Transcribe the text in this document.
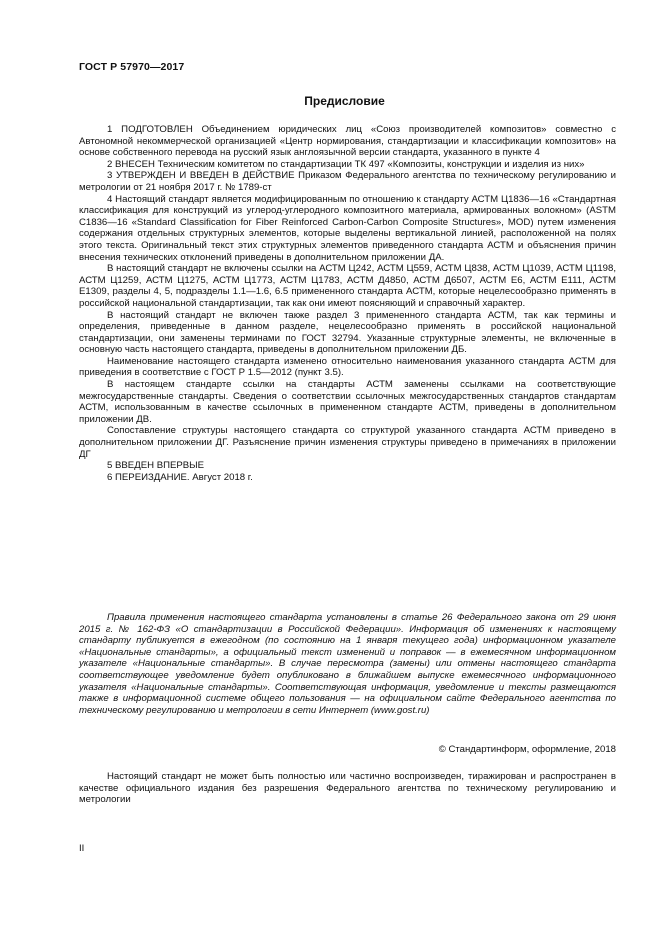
ГОСТ Р 57970—2017
Предисловие

1 ПОДГОТОВЛЕН Объединением юридических лиц «Союз производителей композитов» совместно с Автономной некоммерческой организацией «Центр нормирования, стандартизации и классификации композитов» на основе собственного перевода на русский язык англоязычной версии стандарта, указанного в пункте 4

2 ВНЕСЕН Техническим комитетом по стандартизации ТК 497 «Композиты, конструкции и изделия из них»

3 УТВЕРЖДЕН И ВВЕДЕН В ДЕЙСТВИЕ Приказом Федерального агентства по техническому регулированию и метрологии от 21 ноября 2017 г. № 1789-ст

4 Настоящий стандарт является модифицированным по отношению к стандарту АСТМ Ц1836—16 «Стандартная классификация для конструкций из углерод-углеродного композитного материала, армированных волокном» (ASTM C1836—16 «Standard Classification for Fiber Reinforced Carbon-Carbon Composite Structures», MOD) путем изменения содержания отдельных структурных элементов, которые выделены вертикальной линией, расположенной на полях этого текста. Оригинальный текст этих структурных элементов приведенного стандарта АСТМ и объяснения причин внесения технических отклонений приведены в дополнительном приложении ДА.

В настоящий стандарт не включены ссылки на АСТМ Ц242, АСТМ Ц559, АСТМ Ц838, АСТМ Ц1039, АСТМ Ц1198, АСТМ Ц1259, АСТМ Ц1275, АСТМ Ц1773, АСТМ Ц1783, АСТМ Д4850, АСТМ Д6507, АСТМ Е6, АСТМ Е111, АСТМ Е1309, разделы 4, 5, подразделы 1.1—1.6, 6.5 примененного стандарта АСТМ, которые нецелесообразно применять в российской национальной стандартизации, так как они имеют поясняющий и справочный характер.

В настоящий стандарт не включен также раздел 3 примененного стандарта АСТМ, так как термины и определения, приведенные в данном разделе, нецелесообразно применять в российской национальной стандартизации, они заменены терминами по ГОСТ 32794. Указанные структурные элементы, не включенные в основную часть настоящего стандарта, приведены в дополнительном приложении ДБ.

Наименование настоящего стандарта изменено относительно наименования указанного стандарта АСТМ для приведения в соответствие с ГОСТ Р 1.5—2012 (пункт 3.5).

В настоящем стандарте ссылки на стандарты АСТМ заменены ссылками на соответствующие межгосударственные стандарты. Сведения о соответствии ссылочных межгосударственных стандартов стандартам АСТМ, использованным в качестве ссылочных в примененном стандарте АСТМ, приведены в дополнительном приложении ДВ.

Сопоставление структуры настоящего стандарта со структурой указанного стандарта АСТМ приведено в дополнительном приложении ДГ. Разъяснение причин изменения структуры приведено в примечаниях в приложении ДГ

5 ВВЕДЕН ВПЕРВЫЕ

6 ПЕРЕИЗДАНИЕ. Август 2018 г.

Правила применения настоящего стандарта установлены в статье 26 Федерального закона от 29 июня 2015 г. № 162-ФЗ «О стандартизации в Российской Федерации». Информация об изменениях к настоящему стандарту публикуется в ежегодном (по состоянию на 1 января текущего года) информационном указателе «Национальные стандарты», а официальный текст изменений и поправок — в ежемесячном информационном указателе «Национальные стандарты». В случае пересмотра (замены) или отмены настоящего стандарта соответствующее уведомление будет опубликовано в ближайшем выпуске ежемесячного информационного указателя «Национальные стандарты». Соответствующая информация, уведомление и тексты размещаются также в информационной системе общего пользования — на официальном сайте Федерального агентства по техническому регулированию и метрологии в сети Интернет (www.gost.ru)

© Стандартинформ, оформление, 2018

Настоящий стандарт не может быть полностью или частично воспроизведен, тиражирован и распространен в качестве официального издания без разрешения Федерального агентства по техническому регулированию и метрологии

II
